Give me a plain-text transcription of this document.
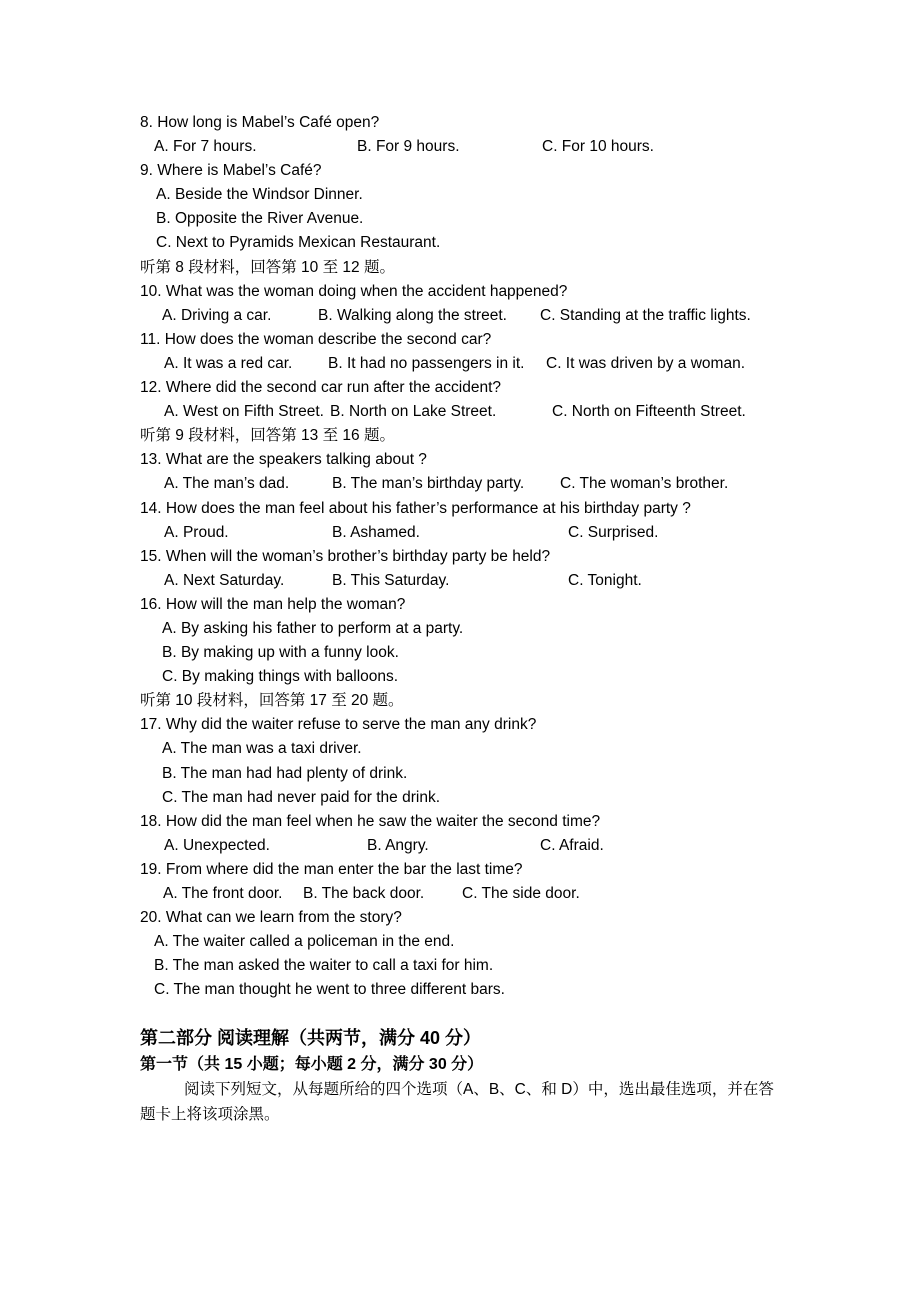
8. How long is Mabel’s Café open?
A. For 7 hours.	B. For 9 hours.	C. For 10 hours.
9. Where is Mabel’s Café?
A. Beside the Windsor Dinner.
B. Opposite the River Avenue.
C. Next to Pyramids Mexican Restaurant.
听第 8 段材料，回答第 10 至 12 题。
10. What was the woman doing when the accident happened?
A. Driving a car.	B. Walking along the street. C. Standing at the traffic lights.
11. How does the woman describe the second car?
A. It was a red car. B. It had no passengers in it. C. It was driven by a woman.
12. Where did the second car run after the accident?
A. West on Fifth Street. B. North on Lake Street.	C. North on Fifteenth Street.
听第 9 段材料，回答第 13 至 16 题。
13. What are the speakers talking about ?
A. The man’s dad.	B. The man’s birthday party. C. The woman’s brother.
14. How does the man feel about his father’s performance at his birthday party ?
A. Proud.	B. Ashamed.	C. Surprised.
15. When will the woman’s brother’s birthday party be held?
A. Next Saturday.	B. This Saturday.	C. Tonight.
16. How will the man help the woman?
A. By asking his father to perform at a party.
B. By making up with a funny look.
C. By making things with balloons.
听第 10 段材料，回答第 17 至 20 题。
17. Why did the waiter refuse to serve the man any drink?
A. The man was a taxi driver.
B. The man had had plenty of drink.
C. The man had never paid for the drink.
18. How did the man feel when he saw the waiter the second time?
A. Unexpected.	B. Angry.	C. Afraid.
19. From where did the man enter the bar the last time?
A. The front door. B. The back door. C. The side door.
20. What can we learn from the story?
A. The waiter called a policeman in the end.
B. The man asked the waiter to call a taxi for him.
C. The man thought he went to three different bars.
第二部分 阅读理解（共两节，满分 40 分）
第一节（共 15 小题；每小题 2 分，满分 30 分）
阅读下列短文，从每题所给的四个选项（A、B、C、和 D）中，选出最佳选项，并在答
题卡上将该项涂黑。
